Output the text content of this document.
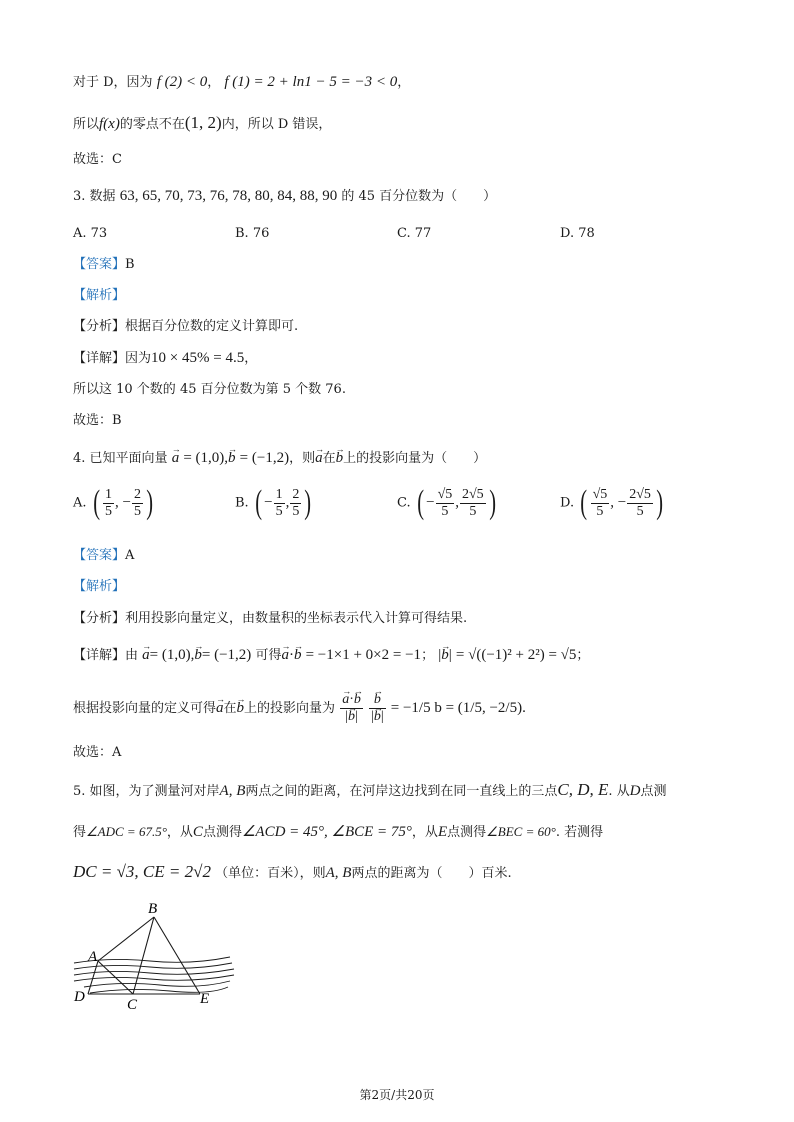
对于 D，因为 f (2) < 0， f (1) = 2 + ln1 − 5 = −3 < 0，
所以f(x)的零点不在(1, 2)内，所以 D 错误，
故选：C
3. 数据 63, 65, 70, 73, 76, 78, 80, 84, 88, 90 的 45 百分位数为（　　）
A. 73	B. 76	C. 77	D. 78
【答案】B
【解析】
【分析】根据百分位数的定义计算即可.
【详解】因为10 × 45% = 4.5，
所以这 10 个数的 45 百分位数为第 5 个数 76.
故选：B
4. 已知平面向量 → a = (1,0),→ b = (−1,2)，则→ a在→ b上的投影向量为（　　）
A. ( $\frac{1}{5}$ , − $\frac{2}{5}$ )	B. ( − $\frac{1}{5}$ , $\frac{2}{5}$ )	C. ( − $\frac{√5}{5}$ , $\frac{2√5}{5}$ )	D. ( $\frac{√5}{5}$ , − $\frac{2√5}{5}$ )
【答案】A
【解析】
【分析】利用投影向量定义，由数量积的坐标表示代入计算可得结果.
【详解】由 → a= (1,0),→ b= (−1,2) 可得→ a·→ b = −1×1 + 0×2 = −1； |→ b| = √((−1)² + 2²) = √5；
根据投影向量的定义可得→ a在→ b上的投影向量为 → $\frac{a\cdot\to b}{|\to b|}$
→ $\frac{b}{|\to b|} = -1/5$ b = (1/5, −2/5).
故选：A
5. 如图，为了测量河对岸A, B两点之间的距离，在河岸这边找到在同一直线上的三点C, D, E. 从D点测
得∠ADC = 67.5°，从C点测得∠ACD = 45°, ∠BCE = 75°，从E点测得∠BEC = 60°. 若测得
DC = √3, CE = 2√2 （单位：百米），则A, B两点的距离为（　　）百米.
B
A
D	C	E
第2页/共20页
